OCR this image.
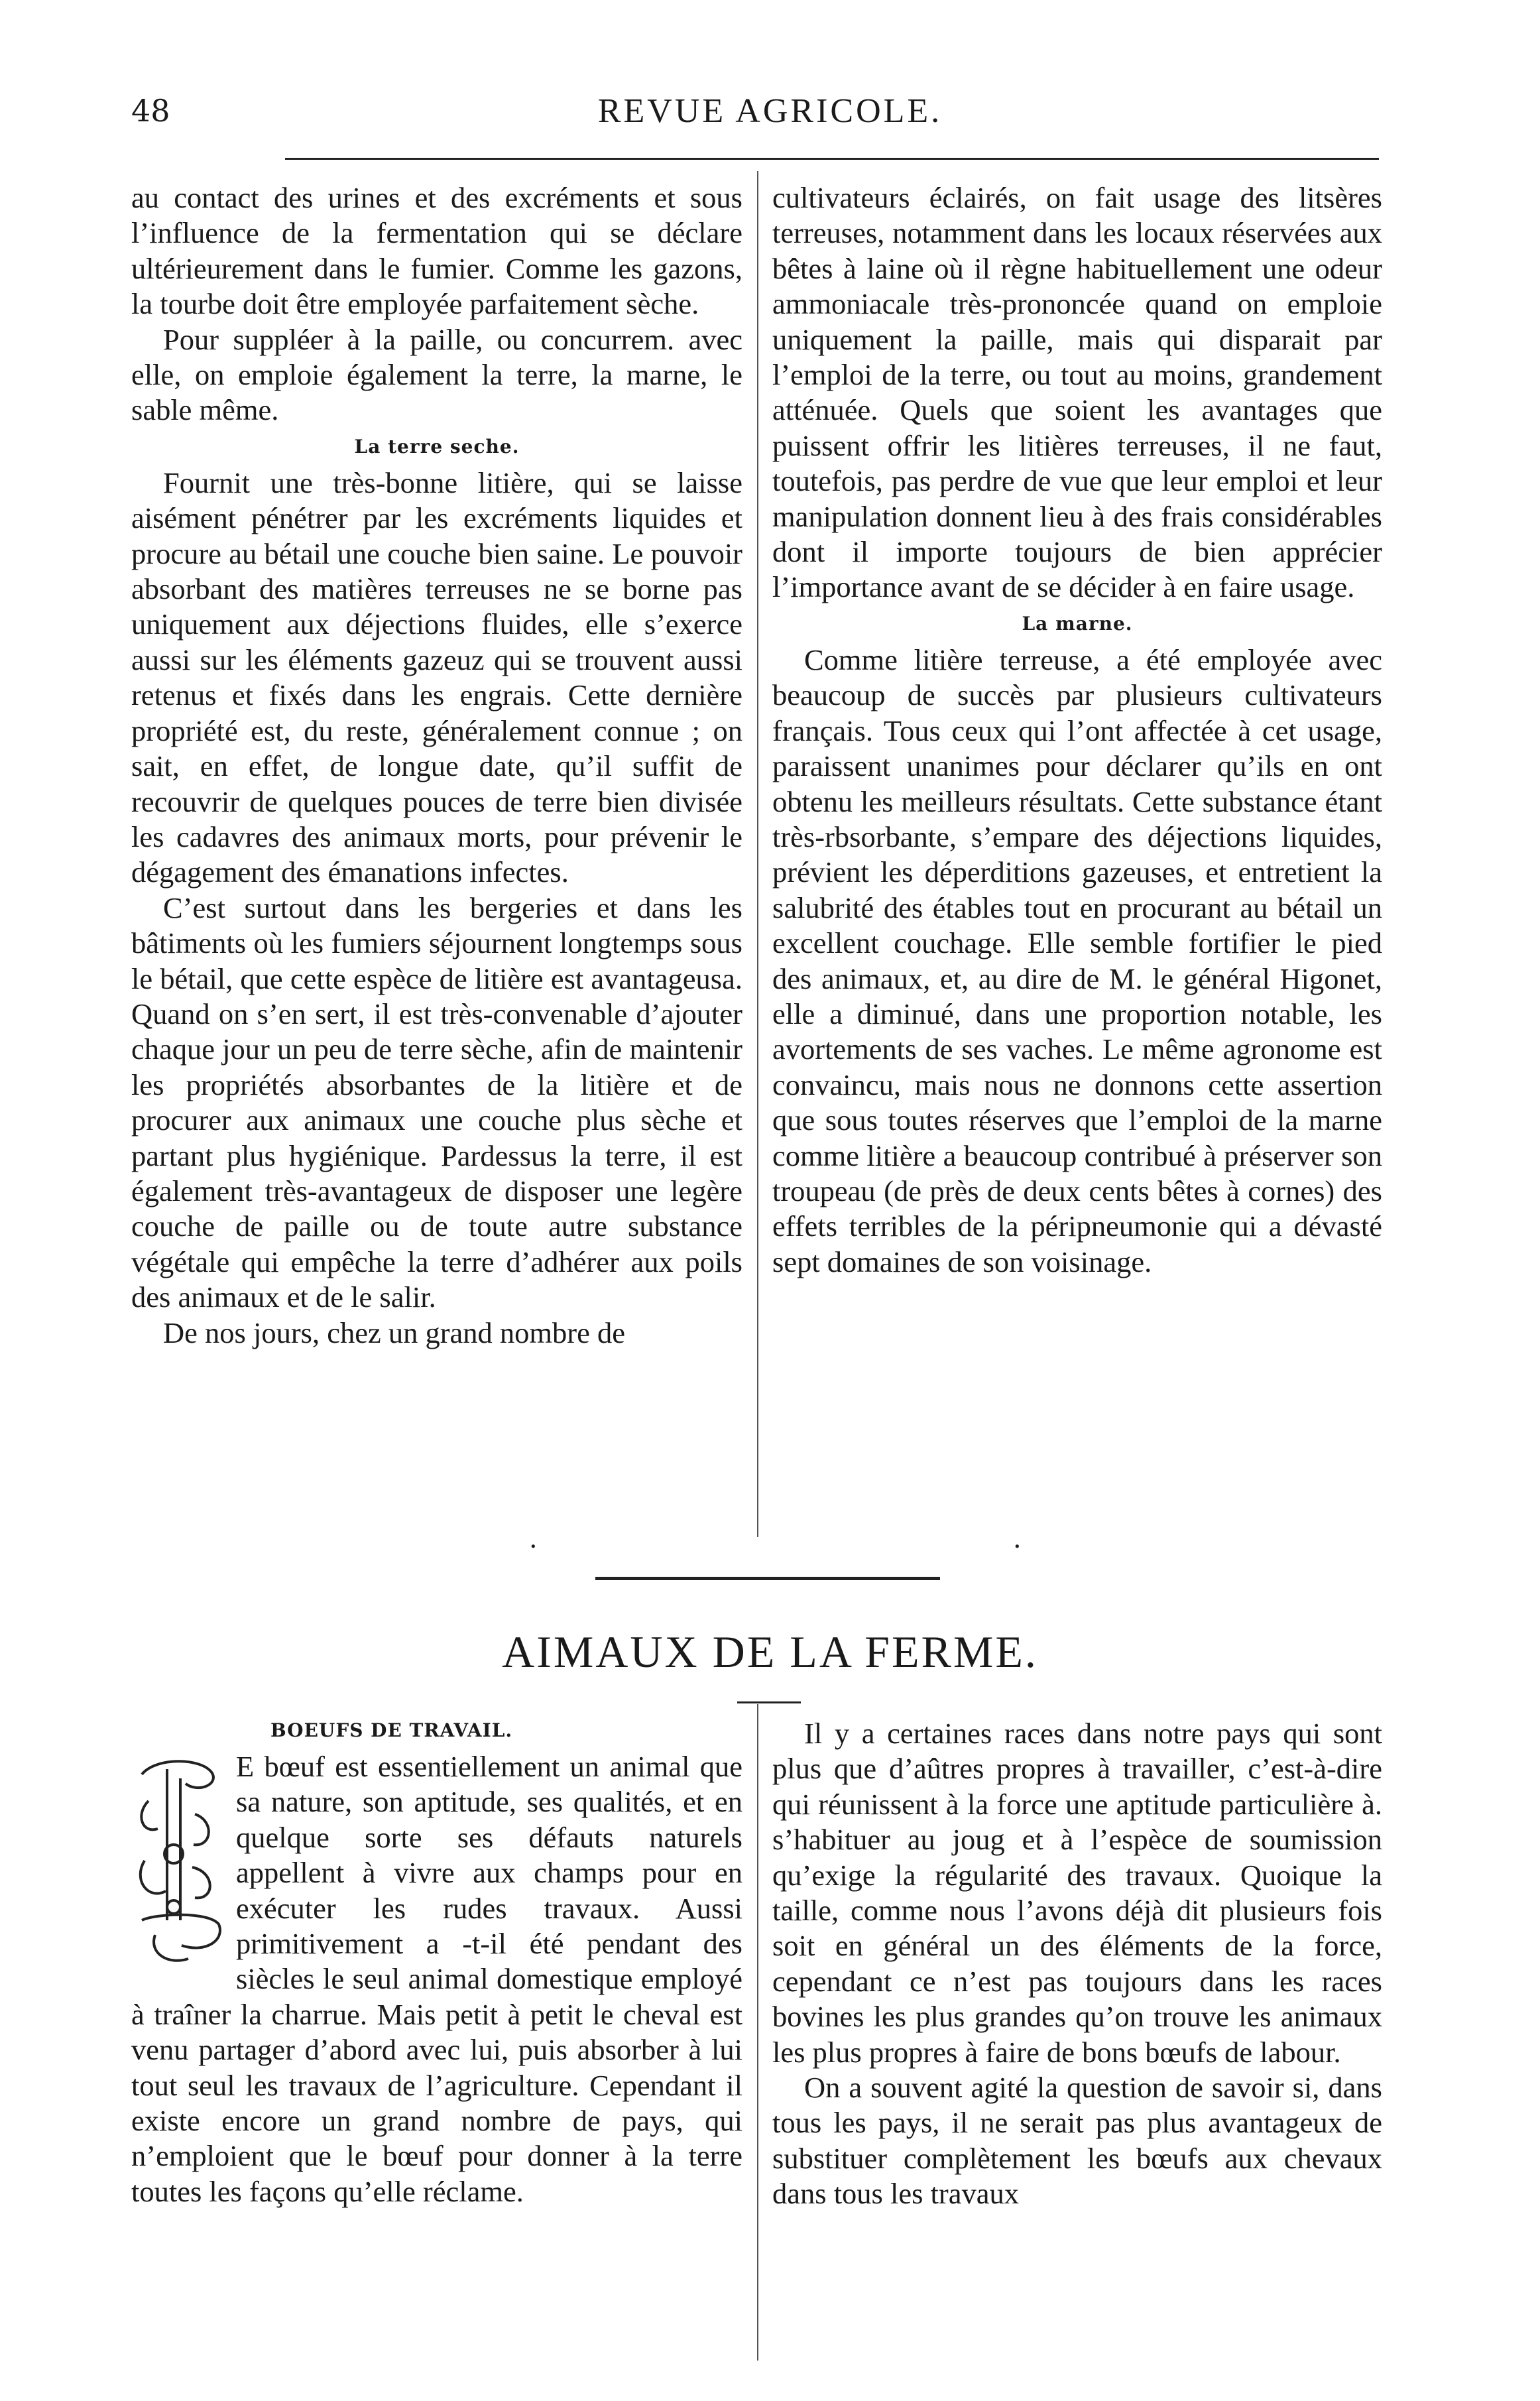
48	REVUE AGRICOLE.

au contact des urines et des excréments et sous l’influence de la fermentation qui se déclare ultérieurement dans le fumier. Comme les gazons, la tourbe doit être employée parfaitement sèche.

Pour suppléer à la paille, ou concurrem. avec elle, on emploie également la terre, la marne, le sable même.

La terre seche.

Fournit une très-bonne litière, qui se laisse aisément pénétrer par les excréments liquides et procure au bétail une couche bien saine. Le pouvoir absorbant des matières terreuses ne se borne pas uniquement aux déjections fluides, elle s’exerce aussi sur les éléments gazeuz qui se trouvent aussi retenus et fixés dans les engrais. Cette dernière propriété est, du reste, généralement connue ; on sait, en effet, de longue date, qu’il suffit de recouvrir de quelques pouces de terre bien divisée les cadavres des animaux morts, pour prévenir le dégagement des émanations infectes.

C’est surtout dans les bergeries et dans les bâtiments où les fumiers séjournent longtemps sous le bétail, que cette espèce de litière est avantageusa. Quand on s’en sert, il est très-convenable d’ajouter chaque jour un peu de terre sèche, afin de maintenir les propriétés absorbantes de la litière et de procurer aux animaux une couche plus sèche et partant plus hygiénique. Pardessus la terre, il est également très-avantageux de disposer une legère couche de paille ou de toute autre substance végétale qui empêche la terre d’adhérer aux poils des animaux et de le salir.

De nos jours, chez un grand nombre de

cultivateurs éclairés, on fait usage des litsères terreuses, notamment dans les locaux réservées aux bêtes à laine où il règne habituellement une odeur ammoniacale très-prononcée quand on emploie uniquement la paille, mais qui disparait par l’emploi de la terre, ou tout au moins, grandement atténuée. Quels que soient les avantages que puissent offrir les litières terreuses, il ne faut, toutefois, pas perdre de vue que leur emploi et leur manipulation donnent lieu à des frais considérables dont il importe toujours de bien apprécier l’importance avant de se décider à en faire usage.

La marne.

Comme litière terreuse, a été employée avec beaucoup de succès par plusieurs cultivateurs français. Tous ceux qui l’ont affectée à cet usage, paraissent unanimes pour déclarer qu’ils en ont obtenu les meilleurs résultats. Cette substance étant très-rbsorbante, s’empare des déjections liquides, prévient les déperditions gazeuses, et entretient la salubrité des étables tout en procurant au bétail un excellent couchage. Elle semble fortifier le pied des animaux, et, au dire de M. le général Higonet, elle a diminué, dans une proportion notable, les avortements de ses vaches. Le même agronome est convaincu, mais nous ne donnons cette assertion que sous toutes réserves que l’emploi de la marne comme litière a beaucoup contribué à préserver son troupeau (de près de deux cents bêtes à cornes) des effets terribles de la péripneumonie qui a dévasté sept domaines de son voisinage.

·	·
AIMAUX DE LA FERME.
BOEUFS DE TRAVAIL.

E bœuf est essentiellement un animal que sa nature, son aptitude, ses qualités, et en quelque sorte ses défauts naturels appellent à vivre aux champs pour en exécuter les rudes travaux. Aussi primitivement a -t-il été pendant des siècles le seul animal domestique employé à traîner la charrue. Mais petit à petit le cheval est venu partager d’abord avec lui, puis absorber à lui tout seul les travaux de l’agriculture. Cependant il existe encore un grand nombre de pays, qui n’emploient que le bœuf pour donner à la terre toutes les façons qu’elle réclame.

Il y a certaines races dans notre pays qui sont plus que d’aûtres propres à travailler, c’est-à-dire qui réunissent à la force une aptitude particulière à. s’habituer au joug et à l’espèce de soumission qu’exige la régularité des travaux. Quoique la taille, comme nous l’avons déjà dit plusieurs fois soit en général un des éléments de la force, cependant ce n’est pas toujours dans les races bovines les plus grandes qu’on trouve les animaux les plus propres à faire de bons bœufs de labour.

On a souvent agité la question de savoir si, dans tous les pays, il ne serait pas plus avantageux de substituer complètement les bœufs aux chevaux dans tous les travaux
